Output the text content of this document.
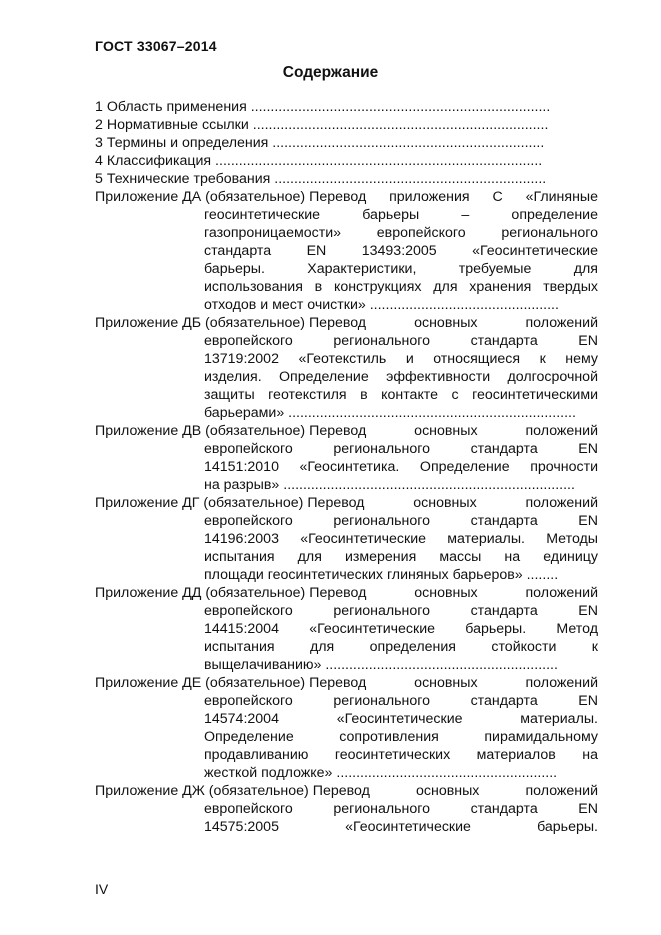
ГОСТ 33067–2014
Содержание
1 Область применения ............................................................................
2 Нормативные ссылки ...........................................................................
3 Термины и определения .....................................................................
4 Классификация ...................................................................................
5 Технические требования .....................................................................
Приложение ДА (обязательное) Перевод приложения С «Глиняные
геосинтетические барьеры – определение
газопроницаемости» европейского регионального
стандарта EN 13493:2005 «Геосинтетические
барьеры. Характеристики, требуемые для
использования в конструкциях для хранения твердых
отходов и мест очистки» ................................................
Приложение ДБ (обязательное) Перевод основных положений
европейского регионального стандарта EN
13719:2002 «Геотекстиль и относящиеся к нему
изделия. Определение эффективности долгосрочной
защиты геотекстиля в контакте с геосинтетическими
барьерами» .........................................................................
Приложение ДВ (обязательное) Перевод основных положений
европейского регионального стандарта EN
14151:2010 «Геосинтетика. Определение прочности
на разрыв» ..........................................................................
Приложение ДГ (обязательное) Перевод основных положений
европейского регионального стандарта EN
14196:2003 «Геосинтетические материалы. Методы
испытания для измерения массы на единицу
площади геосинтетических глиняных барьеров» ........
Приложение ДД (обязательное) Перевод основных положений
европейского регионального стандарта EN
14415:2004 «Геосинтетические барьеры. Метод
испытания для определения стойкости к
выщелачиванию» ...........................................................
Приложение ДЕ (обязательное) Перевод основных положений
европейского регионального стандарта EN
14574:2004 «Геосинтетические материалы.
Определение сопротивления пирамидальному
продавливанию геосинтетических материалов на
жесткой подложке» ........................................................
Приложение ДЖ (обязательное) Перевод основных положений
европейского регионального стандарта EN
14575:2005 «Геосинтетические барьеры.
IV
